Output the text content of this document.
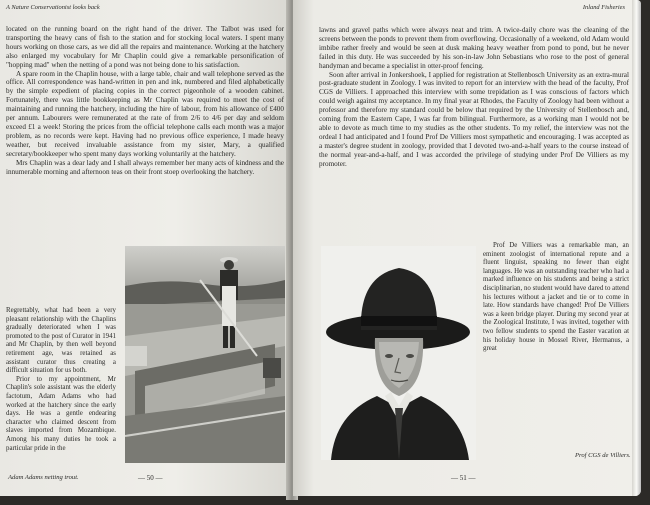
A Nature Conservationist looks back

located on the running board on the right hand of the driver. The Talbot was used for transporting the heavy cans of fish to the station and for stocking local waters. I spent many hours working on those cars, as we did all the repairs and maintenance. Working at the hatchery also enlarged my vocabulary for Mr Chaplin could give a remarkable personification of "hopping mad" when the netting of a pond was not being done to his satisfaction.

A spare room in the Chaplin house, with a large table, chair and wall telephone served as the office. All correspondence was hand-written in pen and ink, numbered and filed alphabetically by the simple expedient of placing copies in the correct pigeonhole of a wooden cabinet. Fortunately, there was little bookkeeping as Mr Chaplin was required to meet the cost of maintaining and running the hatchery, including the hire of labour, from his allowance of £400 per annum. Labourers were remunerated at the rate of from 2/6 to 4/6 per day and seldom exceed £1 a week! Storing the prices from the official telephone calls each month was a major problem, as no records were kept. Having had no previous office experience, I made heavy weather, but received invaluable assistance from my sister, Mary, a qualified secretary/bookkeeper who spent many days working voluntarily at the hatchery.

Mrs Chaplin was a dear lady and I shall always remember her many acts of kindness and the innumerable morning and afternoon teas on their front stoep overlooking the hatchery.

Regrettably, what had been a very pleasant relationship with the Chaplins gradually deteriorated when I was promoted to the post of Curator in 1941 and Mr Chaplin, by then well beyond retirement age, was retained as assistant curator thus creating a difficult situation for us both.

Prior to my appointment, Mr Chaplin's sole assistant was the elderly factotum, Adam Adams who had worked at the hatchery since the early days. He was a gentle endearing character who claimed descent from slaves imported from Mozambique. Among his many duties he took a particular pride in the

Adam Adams netting trout.	— 50 —
Inland Fisheries

lawns and gravel paths which were always neat and trim. A twice-daily chore was the cleaning of the screens between the ponds to prevent them from overflowing. Occasionally of a weekend, old Adam would imbibe rather freely and would be seen at dusk making heavy weather from pond to pond, but he never failed in this duty. He was succeeded by his son-in-law John Sebastians who rose to the post of general handyman and became a specialist in otter-proof fencing.

Soon after arrival in Jonkershoek, I applied for registration at Stellenbosch University as an extra-mural post-graduate student in Zoology. I was invited to report for an interview with the head of the faculty, Prof CGS de Villiers. I approached this interview with some trepidation as I was conscious of factors which could weigh against my acceptance. In my final year at Rhodes, the Faculty of Zoology had been without a professor and therefore my standard could be below that required by the University of Stellenbosch and, coming from the Eastern Cape, I was far from bilingual. Furthermore, as a working man I would not be able to devote as much time to my studies as the other students. To my relief, the interview was not the ordeal I had anticipated and I found Prof De Villiers most sympathetic and encouraging. I was accepted as a master's degree student in zoology, provided that I devoted two-and-a-half years to the course instead of the normal year-and-a-half, and I was accorded the privilege of studying under Prof De Villiers as my promoter.

Prof De Villiers was a remarkable man, an eminent zoologist of international repute and a fluent linguist, speaking no fewer than eight languages. He was an outstanding teacher who had a marked influence on his students and being a strict disciplinarian, no student would have dared to attend his lectures without a jacket and tie or to come in late. How standards have changed! Prof De Villiers was a keen bridge player. During my second year at the Zoological Institute, I was invited, together with two fellow students to spend the Easter vacation at his holiday house in Mossel River, Hermanus, a great

Prof CGS de Villiers.
— 51 —
